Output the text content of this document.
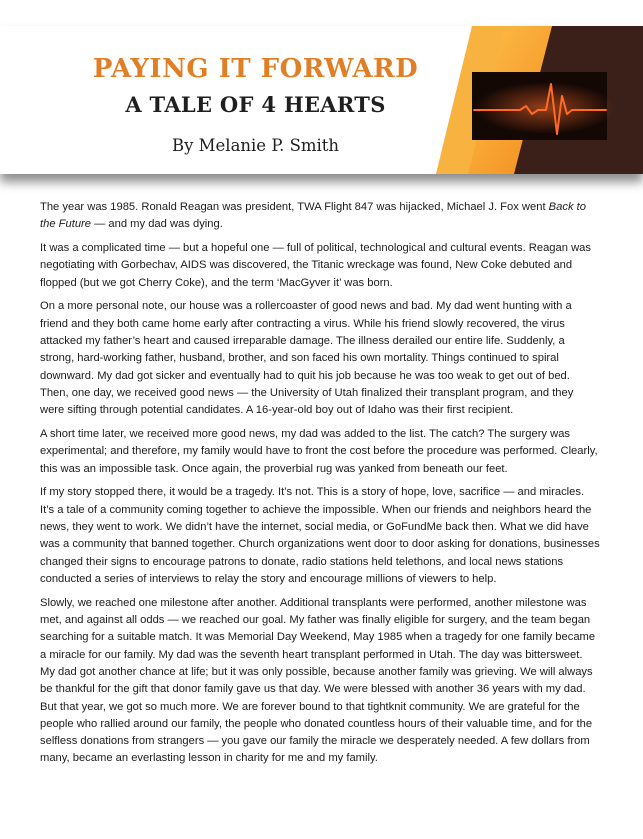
PAYING IT FORWARD
A TALE OF 4 HEARTS
By Melanie P. Smith

The year was 1985. Ronald Reagan was president, TWA Flight 847 was hijacked, Michael J. Fox went Back to the Future — and my dad was dying.

It was a complicated time — but a hopeful one — full of political, technological and cultural events. Reagan was negotiating with Gorbechav, AIDS was discovered, the Titanic wreckage was found, New Coke debuted and flopped (but we got Cherry Coke), and the term ‘MacGyver it’ was born.

On a more personal note, our house was a rollercoaster of good news and bad. My dad went hunting with a friend and they both came home early after contracting a virus. While his friend slowly recovered, the virus attacked my father’s heart and caused irreparable damage. The illness derailed our entire life. Suddenly, a strong, hard-working father, husband, brother, and son faced his own mortality. Things continued to spiral downward. My dad got sicker and eventually had to quit his job because he was too weak to get out of bed. Then, one day, we received good news — the University of Utah finalized their transplant program, and they were sifting through potential candidates. A 16-year-old boy out of Idaho was their first recipient.

A short time later, we received more good news, my dad was added to the list. The catch? The surgery was experimental; and therefore, my family would have to front the cost before the procedure was performed. Clearly, this was an impossible task. Once again, the proverbial rug was yanked from beneath our feet.

If my story stopped there, it would be a tragedy. It’s not. This is a story of hope, love, sacrifice — and miracles. It’s a tale of a community coming together to achieve the impossible. When our friends and neighbors heard the news, they went to work. We didn’t have the internet, social media, or GoFundMe back then. What we did have was a community that banned together. Church organizations went door to door asking for donations, businesses changed their signs to encourage patrons to donate, radio stations held telethons, and local news stations conducted a series of interviews to relay the story and encourage millions of viewers to help.

Slowly, we reached one milestone after another. Additional transplants were performed, another milestone was met, and against all odds — we reached our goal. My father was finally eligible for surgery, and the team began searching for a suitable match. It was Memorial Day Weekend, May 1985 when a tragedy for one family became a miracle for our family. My dad was the seventh heart transplant performed in Utah. The day was bittersweet. My dad got another chance at life; but it was only possible, because another family was grieving. We will always be thankful for the gift that donor family gave us that day. We were blessed with another 36 years with my dad. But that year, we got so much more. We are forever bound to that tightknit community. We are grateful for the people who rallied around our family, the people who donated countless hours of their valuable time, and for the selfless donations from strangers — you gave our family the miracle we desperately needed. A few dollars from many, became an everlasting lesson in charity for me and my family.
